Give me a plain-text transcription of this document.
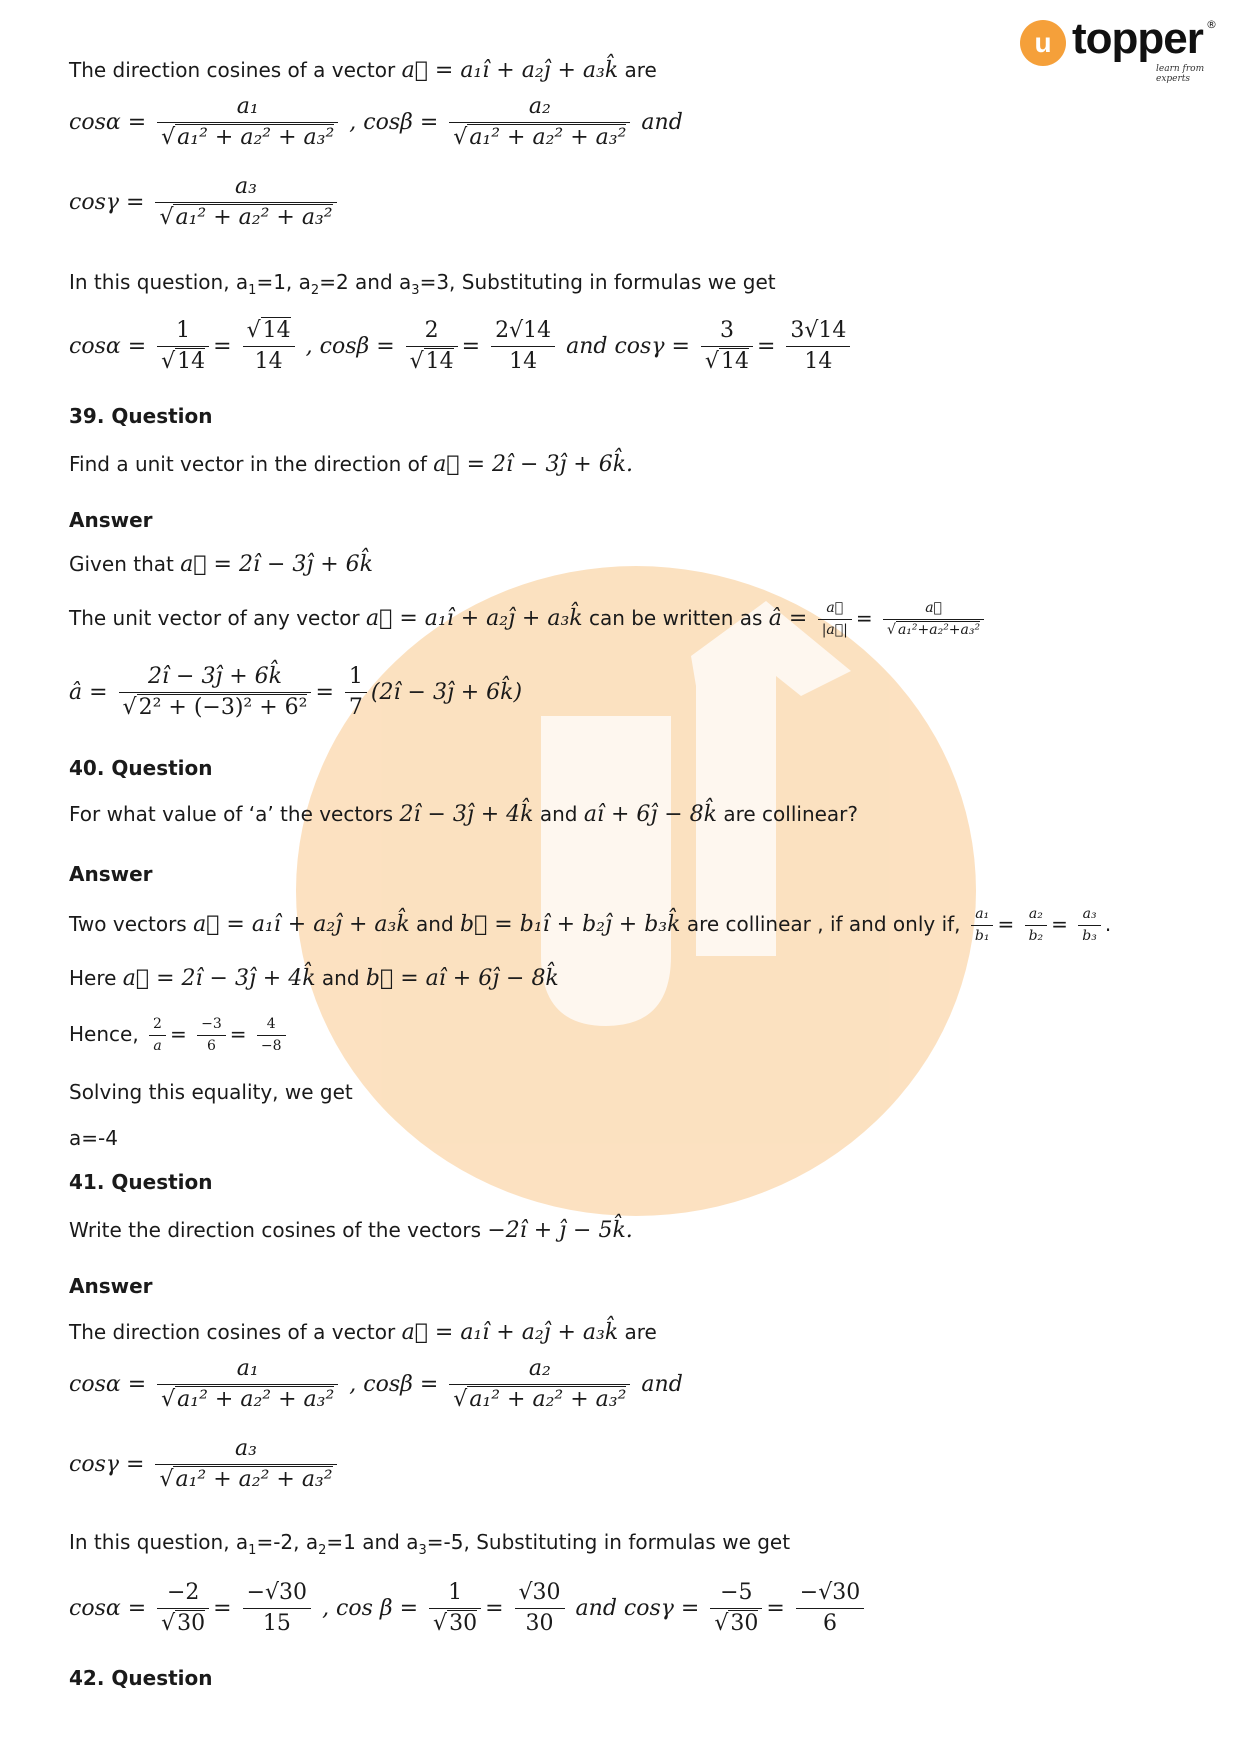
u topper ®
learn from experts
The direction cosines of a vector a⃗ = a₁î + a₂ĵ + a₃k̂ are
$\cos\alpha = \frac{\text{a₁}}{\text{√a₁² + a₂² + a₃²}}$ , $\cos\beta = \frac{\text{a₂}}{\text{√a₁² + a₂² + a₃²}}$ and
$\cos\gamma = \frac{\text{a₃}}{\text{√a₁² + a₂² + a₃²}}$
In this question, $a_1=1$, $a_2=2$ and $a_3=3$, Substituting in formulas we get
$\cos\alpha = \frac{1}{√14} = \frac{√14}{14}$ , $\cos\beta = \frac{2}{√14} = \frac{2√14}{14}$ and $\cos\gamma = \frac{3}{√14} = \frac{3√14}{14}$
39. Question
Find a unit vector in the direction of a⃗ = 2î − 3ĵ + 6k̂.
Answer
Given that a⃗ = 2î − 3ĵ + 6k̂
The unit vector of any vector a⃗ = a₁î + a₂ĵ + a₃k̂ can be written as â = $\frac{a⃗}{|a⃗|} = \frac{a⃗}{\text{√ a₁²+a₂²+a₃²}}$
â = $\frac{2î - 3ĵ + 6k̂}{\text{√2² + (−3)² + 6²}} = \frac{1}{7}$ (2î − 3ĵ + 6k̂)
40. Question
For what value of ‘a’ the vectors 2î − 3ĵ + 4k̂ and aî + 6ĵ − 8k̂ are collinear?
Answer
Two vectors a⃗ = a₁î + a₂ĵ + a₃k̂ and b⃗ = b₁î + b₂ĵ + b₃k̂ are collinear , if and only if, $\frac{\text{a₁}}{\text{b₁}} = \frac{\text{a₂}}{\text{b₂}} = \frac{\text{a₃}}{\text{b₃}}$ .
Here a⃗ = 2î − 3ĵ + 4k̂ and b⃗ = aî + 6ĵ − 8k̂
Hence, $\frac{2}{a} = \frac{-3}{6} = \frac{4}{-8}$
Solving this equality, we get
a=-4
41. Question
Write the direction cosines of the vectors −2î + ĵ − 5k̂.
Answer
The direction cosines of a vector a⃗ = a₁î + a₂ĵ + a₃k̂ are
$\cos\alpha = \frac{\text{a₁}}{\text{√a₁² + a₂² + a₃²}}$ , $\cos\beta = \frac{\text{a₂}}{\text{√a₁² + a₂² + a₃²}}$ and
$\cos\gamma = \frac{\text{a₃}}{\text{√a₁² + a₂² + a₃²}}$
In this question, $a_1=-2$, $a_2=1$ and $a_3=-5$, Substituting in formulas we get
$\cos\alpha = \frac{-2}{√30} = \frac{-√30}{15}$ , $\cos \beta = \frac{1}{√30} = \frac{√30}{30}$ and $\cos\gamma = \frac{-5}{√30} = \frac{-√30}{6}$
42. Question
